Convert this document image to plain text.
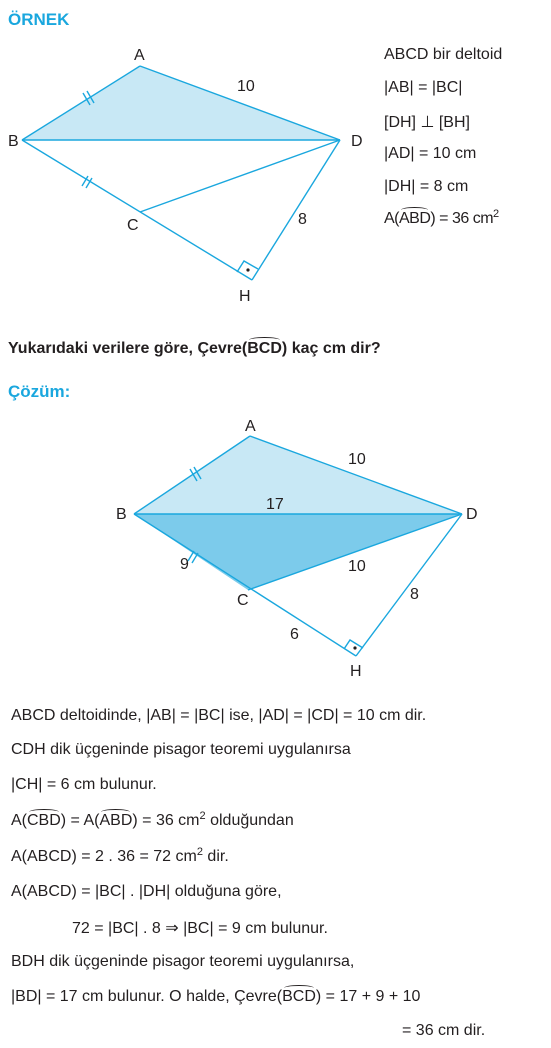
ÖRNEK
A
B
C
D
H
10
8
ABCD bir deltoid
|AB| = |BC|
[DH] ⊥ [BH]
|AD| = 10 cm
|DH| = 8 cm
A(ABD) = 36 $cm^2$
Yukarıdaki verilere göre, Çevre(BCD) kaç cm dir?
Çözüm:
A
B
C
D
H
10
17
10
9
8
6
ABCD deltoidinde, |AB| = |BC| ise, |AD| = |CD| = 10 cm dir.
CDH dik üçgeninde pisagor teoremi uygulanırsa
|CH| = 6 cm bulunur.
A(CBD) = A(ABD) = 36 $cm^2$ olduğundan
A(ABCD) = 2 . 36 = 72 $cm^2$ dir.
A(ABCD) = |BC| . |DH| olduğuna göre,
72 = |BC| . 8 ⇒ |BC| = 9 cm bulunur.
BDH dik üçgeninde pisagor teoremi uygulanırsa,
|BD| = 17 cm bulunur. O halde, Çevre(BCD) = 17 + 9 + 10
= 36 cm dir.
